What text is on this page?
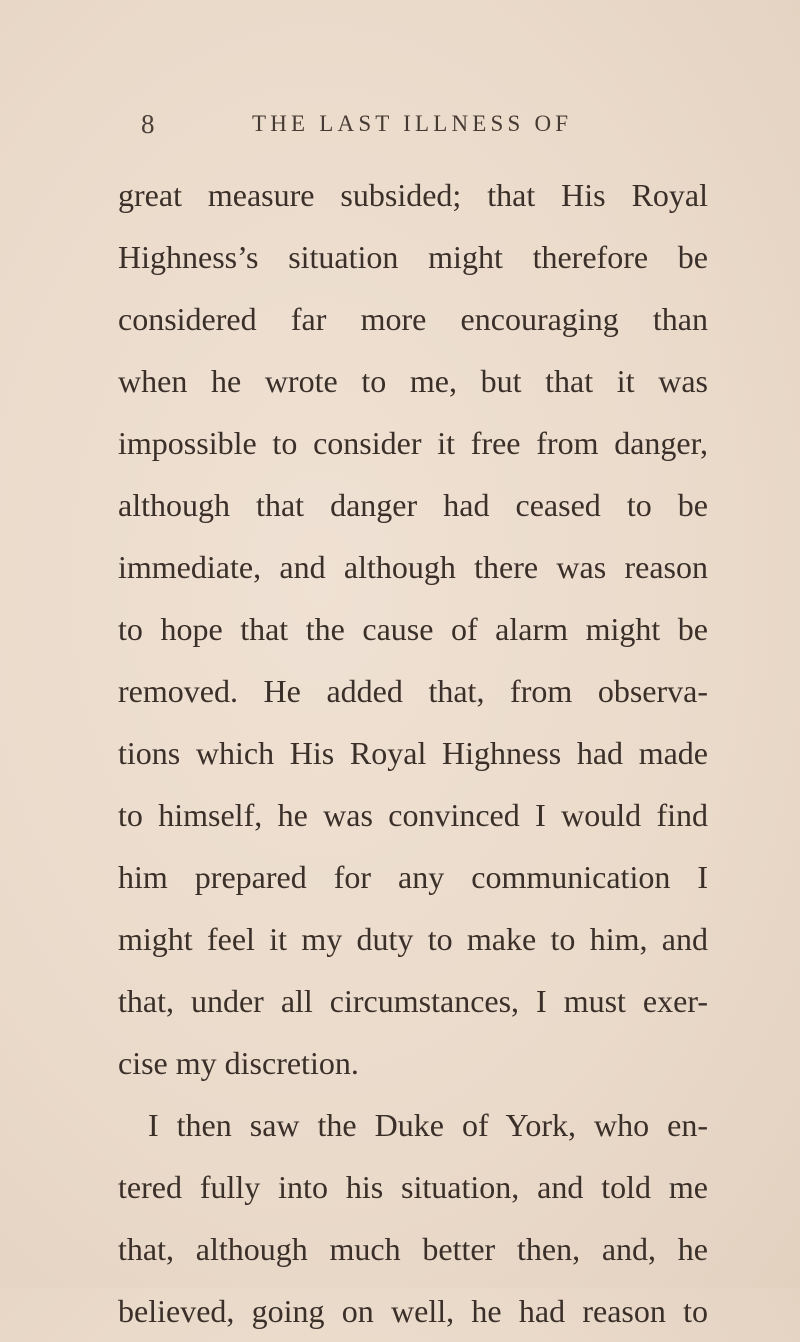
8	THE LAST ILLNESS OF
great measure subsided; that His Royal
Highness’s situation might therefore be
considered far more encouraging than
when he wrote to me, but that it was
impossible to consider it free from danger,
although that danger had ceased to be
immediate, and although there was reason
to hope that the cause of alarm might be
removed. He added that, from observa-
tions which His Royal Highness had made
to himself, he was convinced I would find
him prepared for any communication I
might feel it my duty to make to him, and
that, under all circumstances, I must exer-
cise my discretion.
I then saw the Duke of York, who en-
tered fully into his situation, and told me
that, although much better then, and, he
believed, going on well, he had reason to
